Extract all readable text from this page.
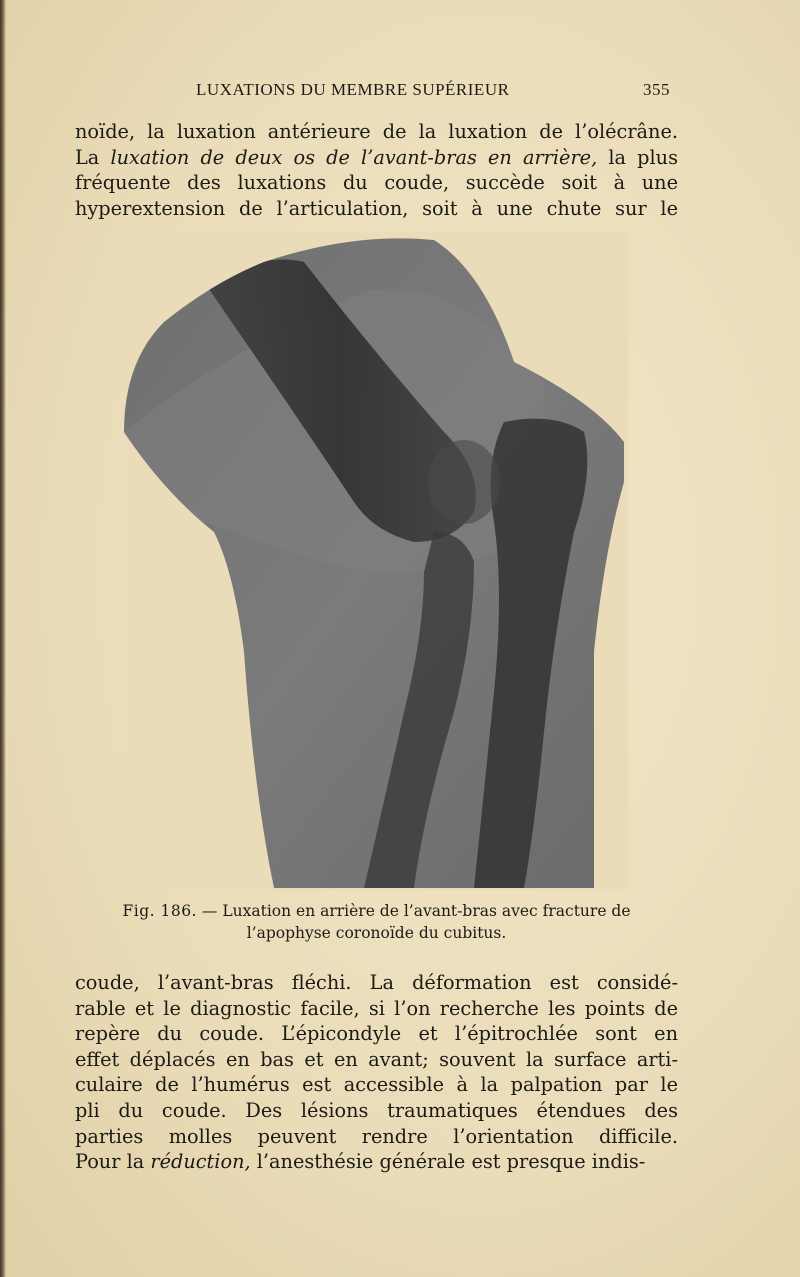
LUXATIONS DU MEMBRE SUPÉRIEUR	355
noïde, la luxation antérieure de la luxation de l’olécrâne.
La luxation de deux os de l’avant-bras en arrière, la plus
fréquente des luxations du coude, succède soit à une
hyperextension de l’articulation, soit à une chute sur le
Fig. 186. — Luxation en arrière de l’avant-bras avec fracture de
l’apophyse coronoïde du cubitus.
coude, l’avant-bras fléchi. La déformation est considé-
rable et le diagnostic facile, si l’on recherche les points de
repère du coude. L’épicondyle et l’épitrochlée sont en
effet déplacés en bas et en avant; souvent la surface arti-
culaire de l’humérus est accessible à la palpation par le
pli du coude. Des lésions traumatiques étendues des
parties molles peuvent rendre l’orientation difficile.
Pour la réduction, l’anesthésie générale est presque indis-
